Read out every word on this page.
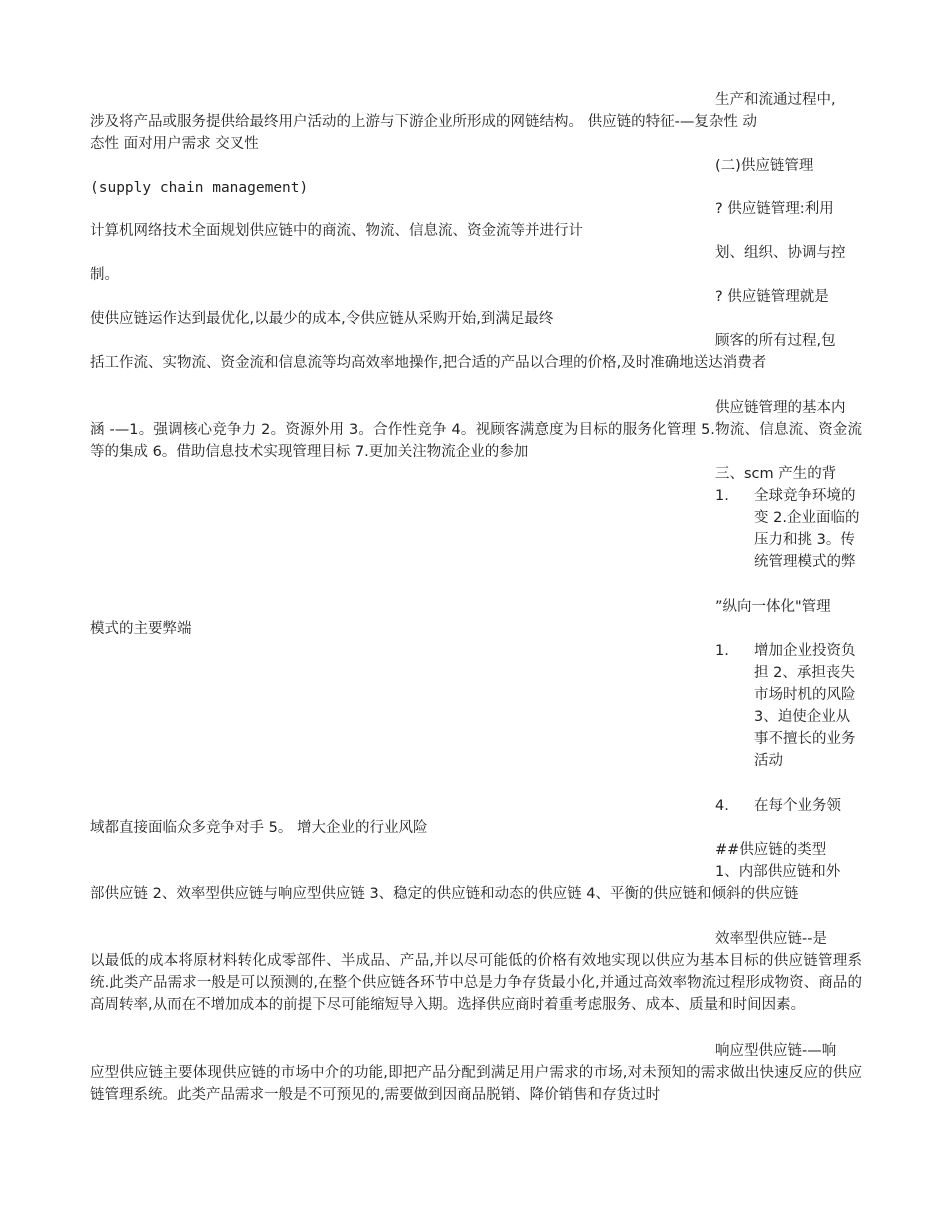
生产和流通过程中,
涉及将产品或服务提供给最终用户活动的上游与下游企业所形成的网链结构。 供应链的特征-—复杂性 动
态性 面对用户需求 交叉性
(二)供应链管理
(supply chain management)
? 供应链管理:利用
计算机网络技术全面规划供应链中的商流、物流、信息流、资金流等并进行计
划、组织、协调与控
制。
? 供应链管理就是
使供应链运作达到最优化,以最少的成本,令供应链从采购开始,到满足最终
顾客的所有过程,包
括工作流、实物流、资金流和信息流等均高效率地操作,把合适的产品以合理的价格,及时准确地送达消费者
供应链管理的基本内
涵 -—1。强调核心竞争力 2。资源外用 3。合作性竞争 4。视顾客满意度为目标的服务化管理 5.物流、信息流、资金流等的集成 6。借助信息技术实现管理目标 7.更加关注物流企业的参加
三、scm 产生的背
1. 全球竞争环境的变 2.企业面临的压力和挑 3。传统管理模式的弊
”纵向一体化"管理
模式的主要弊端
1. 增加企业投资负担 2、承担丧失市场时机的风险 3、迫使企业从事不擅长的业务活动
4. 在每个业务领
域都直接面临众多竞争对手 5。 增大企业的行业风险
##供应链的类型
1、内部供应链和外
部供应链 2、效率型供应链与响应型供应链 3、稳定的供应链和动态的供应链 4、平衡的供应链和倾斜的供应链
效率型供应链--是
以最低的成本将原材料转化成零部件、半成品、产品,并以尽可能低的价格有效地实现以供应为基本目标的供应链管理系统.此类产品需求一般是可以预测的,在整个供应链各环节中总是力争存货最小化,并通过高效率物流过程形成物资、商品的高周转率,从而在不增加成本的前提下尽可能缩短导入期。选择供应商时着重考虑服务、成本、质量和时间因素。
响应型供应链-—响
应型供应链主要体现供应链的市场中介的功能,即把产品分配到满足用户需求的市场,对未预知的需求做出快速反应的供应链管理系统。此类产品需求一般是不可预见的,需要做到因商品脱销、降价销售和存货过时
